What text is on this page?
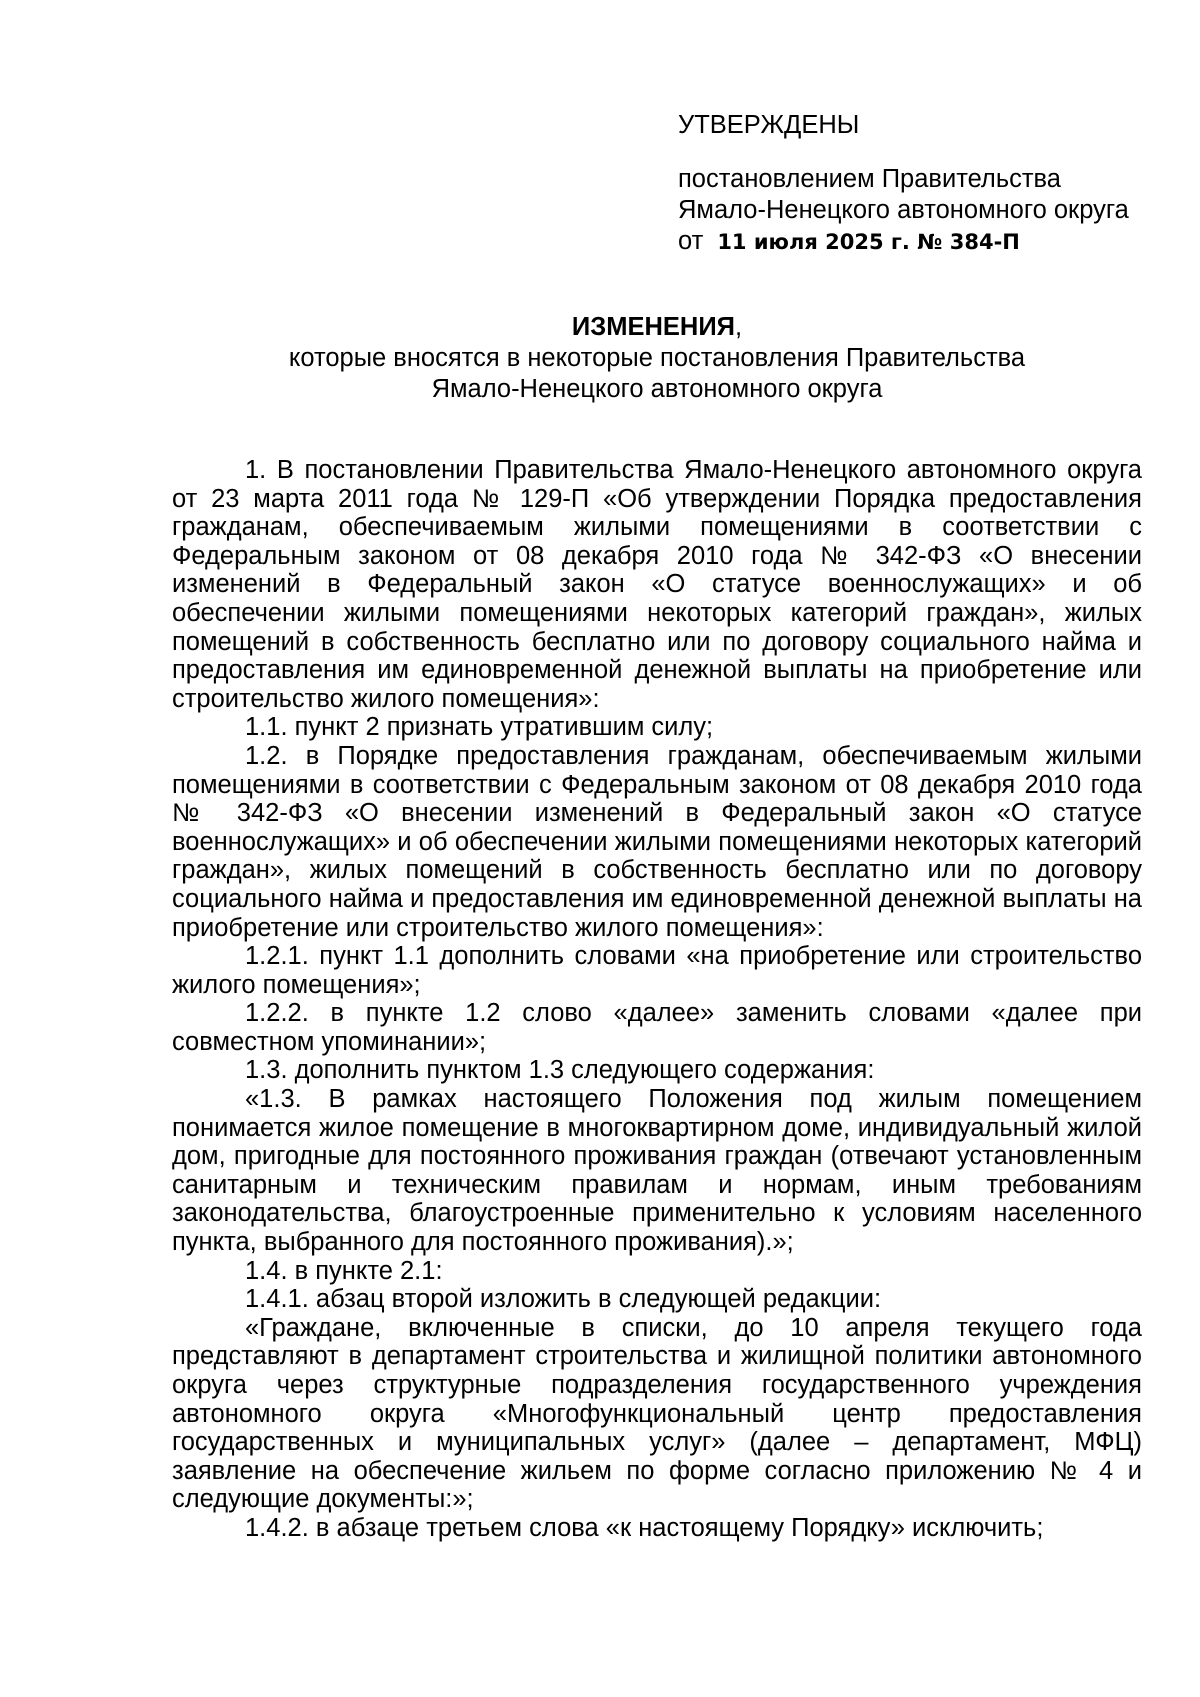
УТВЕРЖДЕНЫ
постановлением Правительства
Ямало-Ненецкого автономного округа
от 11 июля 2025 г. № 384-П
ИЗМЕНЕНИЯ,
которые вносятся в некоторые постановления Правительства
Ямало-Ненецкого автономного округа

1. В постановлении Правительства Ямало-Ненецкого автономного округа от 23 марта 2011 года № 129-П «Об утверждении Порядка предоставления гражданам, обеспечиваемым жилыми помещениями в соответствии с Федеральным законом от 08 декабря 2010 года № 342-ФЗ «О внесении изменений в Федеральный закон «О статусе военнослужащих» и об обеспечении жилыми помещениями некоторых категорий граждан», жилых помещений в собственность бесплатно или по договору социального найма и предоставления им единовременной денежной выплаты на приобретение или строительство жилого помещения»:

1.1. пункт 2 признать утратившим силу;

1.2. в Порядке предоставления гражданам, обеспечиваемым жилыми помещениями в соответствии с Федеральным законом от 08 декабря 2010 года № 342-ФЗ «О внесении изменений в Федеральный закон «О статусе военнослужащих» и об обеспечении жилыми помещениями некоторых категорий граждан», жилых помещений в собственность бесплатно или по договору социального найма и предоставления им единовременной денежной выплаты на приобретение или строительство жилого помещения»:

1.2.1. пункт 1.1 дополнить словами «на приобретение или строительство жилого помещения»;

1.2.2. в пункте 1.2 слово «далее» заменить словами «далее при совместном упоминании»;

1.3. дополнить пунктом 1.3 следующего содержания:

«1.3. В рамках настоящего Положения под жилым помещением понимается жилое помещение в многоквартирном доме, индивидуальный жилой дом, пригодные для постоянного проживания граждан (отвечают установленным санитарным и техническим правилам и нормам, иным требованиям законодательства, благоустроенные применительно к условиям населенного пункта, выбранного для постоянного проживания).»;

1.4. в пункте 2.1:

1.4.1. абзац второй изложить в следующей редакции:

«Граждане, включенные в списки, до 10 апреля текущего года представляют в департамент строительства и жилищной политики автономного округа через структурные подразделения государственного учреждения автономного округа «Многофункциональный центр предоставления государственных и муниципальных услуг» (далее – департамент, МФЦ) заявление на обеспечение жильем по форме согласно приложению № 4 и следующие документы:»;

1.4.2. в абзаце третьем слова «к настоящему Порядку» исключить;
